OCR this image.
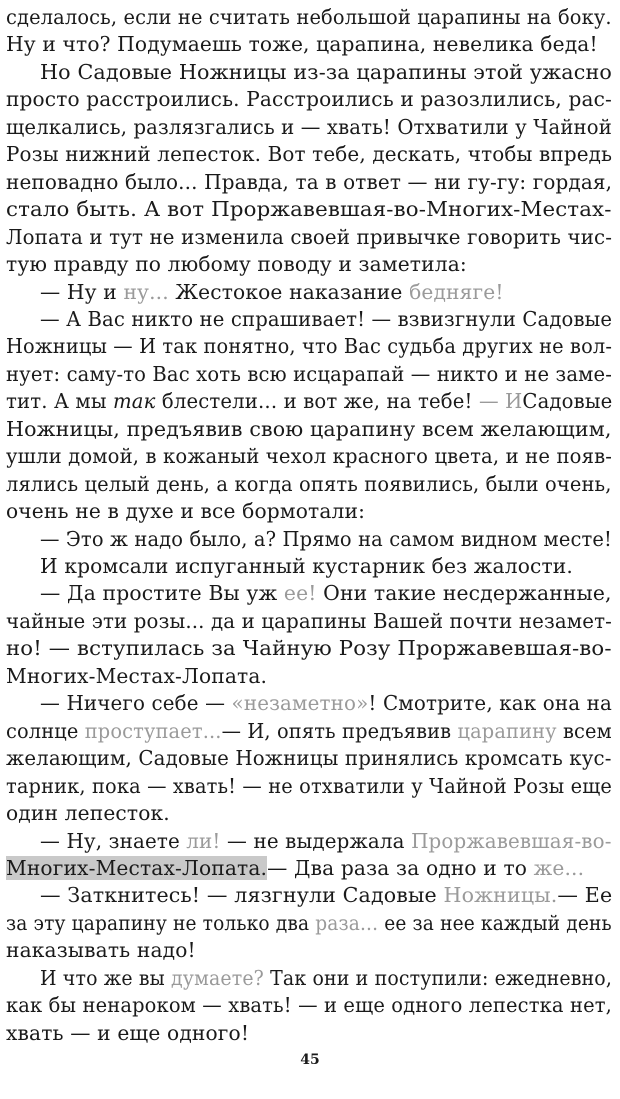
сделалось, если не считать небольшой царапины на боку.
Ну и что? Подумаешь тоже, царапина, невелика беда!
Но Садовые Ножницы из-за царапины этой ужасно
просто расстроились. Расстроились и разозлились, рас-
щелкались, разлязгались и — хвать! Отхватили у Чайной
Розы нижний лепесток. Вот тебе, дескать, чтобы впредь
неповадно было... Правда, та в ответ — ни гу-гу: гордая,
стало быть. А вот Проржавевшая-во-Многих-Местах-
Лопата и тут не изменила своей привычке говорить чис-
тую правду по любому поводу и заметила:
— Ну и ну... Жестокое наказание бедняге!
— А Вас никто не спрашивает! — взвизгнули Садовые
Ножницы — И так понятно, что Вас судьба других не вол-
нует: саму-то Вас хоть всю исцарапай — никто и не заме-
тит. А мы так блестели... и вот же, на тебе! — ИСадовые
Ножницы, предъявив свою царапину всем желающим,
ушли домой, в кожаный чехол красного цвета, и не появ-
лялись целый день, а когда опять появились, были очень,
очень не в духе и все бормотали:
— Это ж надо было, а? Прямо на самом видном месте!
И кромсали испуганный кустарник без жалости.
— Да простите Вы уж ее! Они такие несдержанные,
чайные эти розы... да и царапины Вашей почти незамет-
но! — вступилась за Чайную Розу Проржавевшая-во-
Многих-Местах-Лопата.
— Ничего себе — «незаметно»! Смотрите, как она на
солнце проступает...— И, опять предъявив царапину всем
желающим, Садовые Ножницы принялись кромсать кус-
тарник, пока — хвать! — не отхватили у Чайной Розы еще
один лепесток.
— Ну, знаете ли! — не выдержала Проржавевшая-во-
Многих-Местах-Лопата.— Два раза за одно и то же...
— Заткнитесь! — лязгнули Садовые Ножницы.— Ее
за эту царапину не только два раза... ее за нее каждый день
наказывать надо!
И что же вы думаете? Так они и поступили: ежедневно,
как бы ненароком — хвать! — и еще одного лепестка нет,
хвать — и еще одного!
45
